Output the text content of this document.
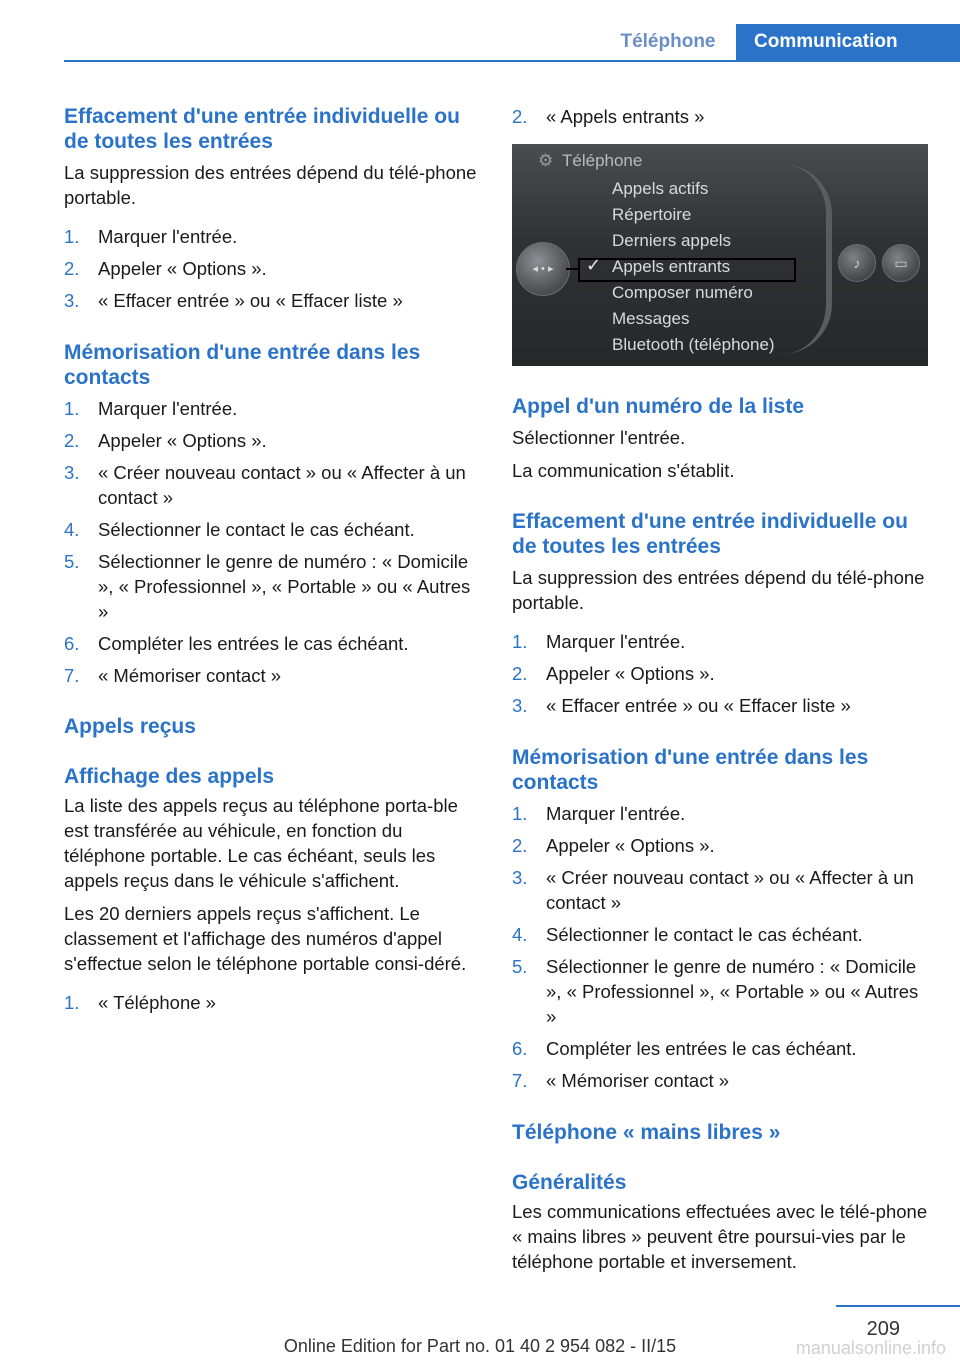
Téléphone	Communication
Effacement d'une entrée individuelle ou de toutes les entrées

La suppression des entrées dépend du télé-phone portable.

1. Marquer l'entrée.
2. Appeler « Options ».
3. « Effacer entrée » ou « Effacer liste »
Mémorisation d'une entrée dans les contacts
1. Marquer l'entrée.
2. Appeler « Options ».
3. « Créer nouveau contact » ou « Affecter à un contact »
4. Sélectionner le contact le cas échéant.
5. Sélectionner le genre de numéro : « Domicile », « Professionnel », « Portable » ou « Autres »
6. Compléter les entrées le cas échéant.
7. « Mémoriser contact »
Appels reçus
Affichage des appels

La liste des appels reçus au téléphone porta-ble est transférée au véhicule, en fonction du téléphone portable. Le cas échéant, seuls les appels reçus dans le véhicule s'affichent.

Les 20 derniers appels reçus s'affichent. Le classement et l'affichage des numéros d'appel s'effectue selon le téléphone portable consi-déré.

1. « Téléphone »
2. « Appels entrants »
Appel d'un numéro de la liste

Sélectionner l'entrée.

La communication s'établit.

Effacement d'une entrée individuelle ou de toutes les entrées

La suppression des entrées dépend du télé-phone portable.

1. Marquer l'entrée.
2. Appeler « Options ».
3. « Effacer entrée » ou « Effacer liste »
Mémorisation d'une entrée dans les contacts
1. Marquer l'entrée.
2. Appeler « Options ».
3. « Créer nouveau contact » ou « Affecter à un contact »
4. Sélectionner le contact le cas échéant.
5. Sélectionner le genre de numéro : « Domicile », « Professionnel », « Portable » ou « Autres »
6. Compléter les entrées le cas échéant.
7. « Mémoriser contact »
Téléphone « mains libres »
Généralités

Les communications effectuées avec le télé-phone « mains libres » peuvent être poursui-vies par le téléphone portable et inversement.

⚙ Téléphone
Appels actifs
Répertoire
Derniers appels
Appels entrants
Composer numéro
Messages
Bluetooth (téléphone)
✓
◂ • ▸	♪	▭
209
Online Edition for Part no. 01 40 2 954 082 - II/15	manualsonline.info
